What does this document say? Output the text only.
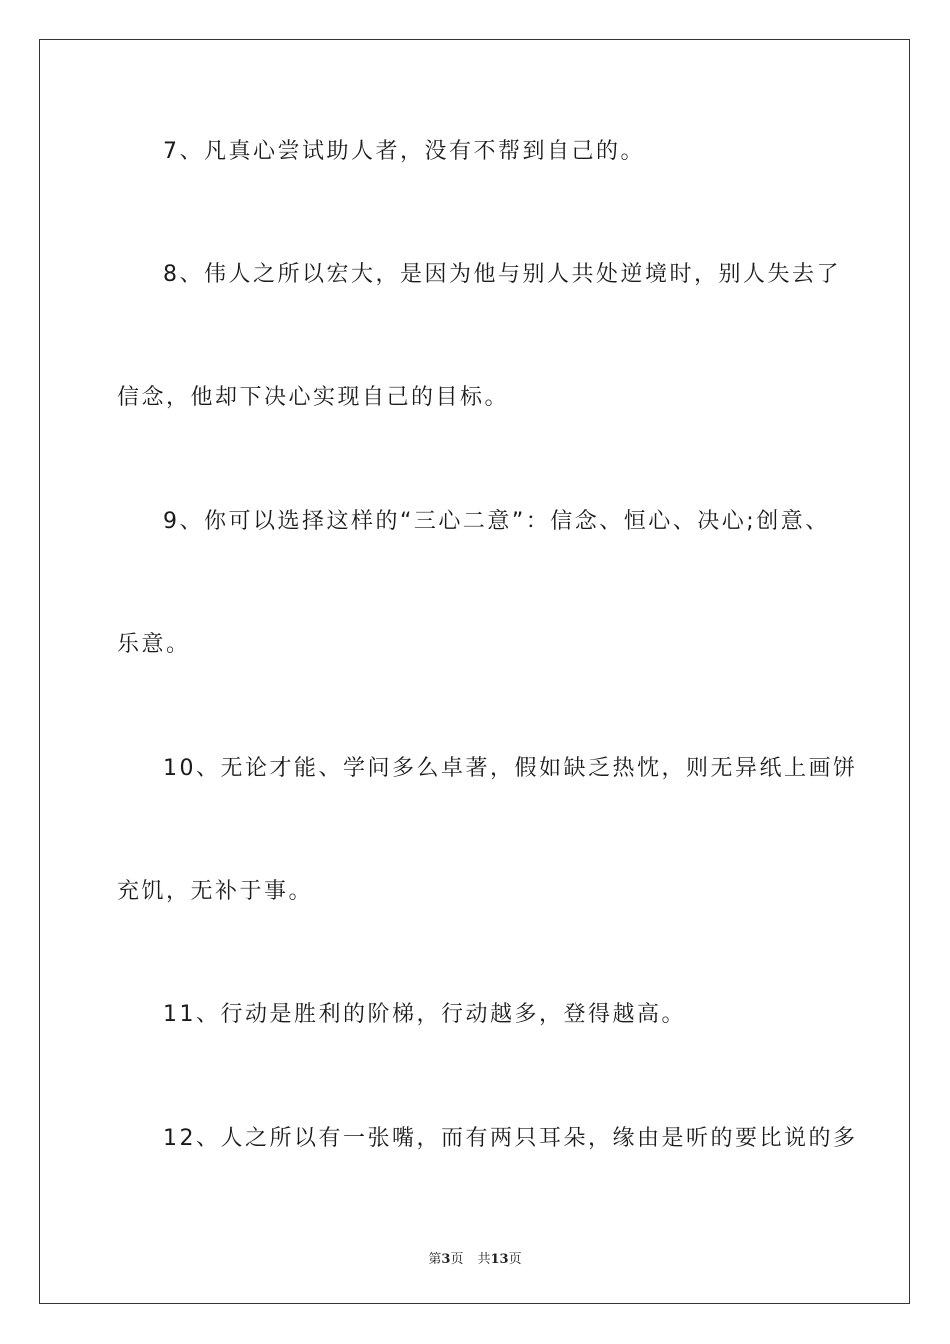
7、凡真心尝试助人者，没有不帮到自己的。
8、伟人之所以宏大，是因为他与别人共处逆境时，别人失去了
信念，他却下决心实现自己的目标。
9、你可以选择这样的“三心二意”：信念、恒心、决心;创意、
乐意。
10、无论才能、学问多么卓著，假如缺乏热忱，则无异纸上画饼
充饥，无补于事。
11、行动是胜利的阶梯，行动越多，登得越高。
12、人之所以有一张嘴，而有两只耳朵，缘由是听的要比说的多
第3页 共13页
